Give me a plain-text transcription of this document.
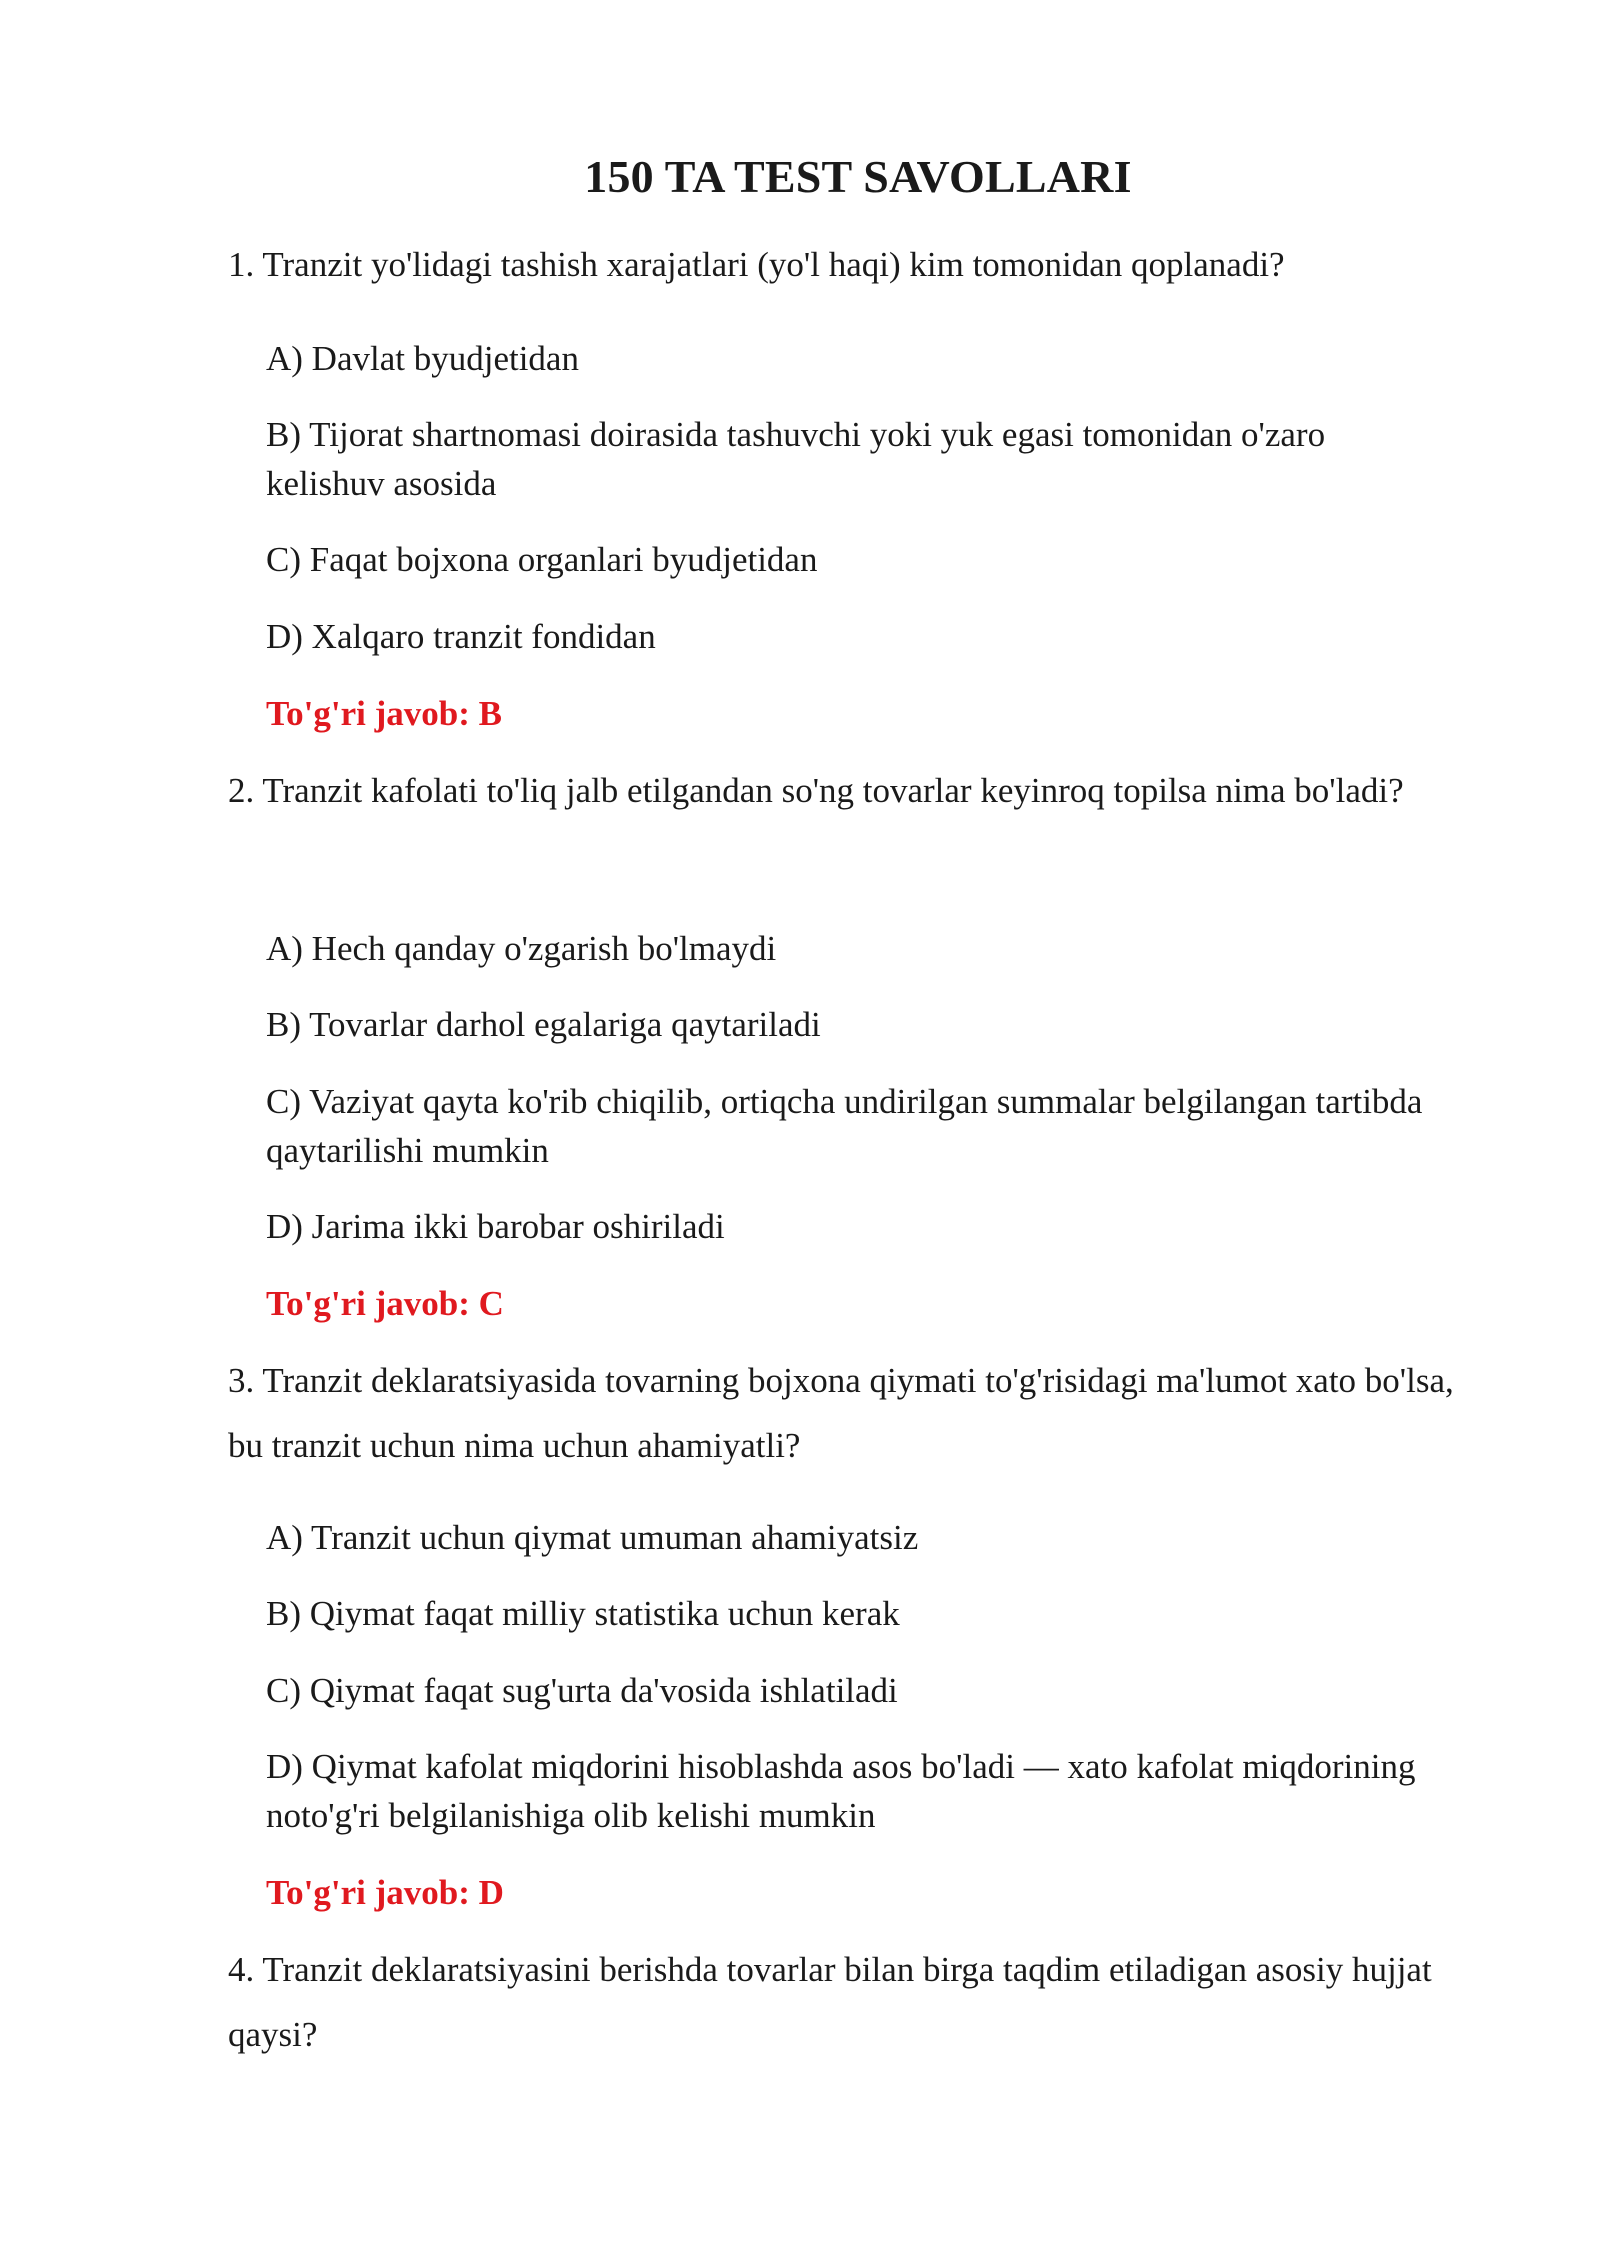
150 TA TEST SAVOLLARI
1. Tranzit yo'lidagi tashish xarajatlari (yo'l haqi) kim tomonidan qoplanadi?
A) Davlat byudjetidan
B) Tijorat shartnomasi doirasida tashuvchi yoki yuk egasi tomonidan o'zaro kelishuv asosida
C) Faqat bojxona organlari byudjetidan
D) Xalqaro tranzit fondidan
To'g'ri javob: B
2. Tranzit kafolati to'liq jalb etilgandan so'ng tovarlar keyinroq topilsa nima bo'ladi?
A) Hech qanday o'zgarish bo'lmaydi
B) Tovarlar darhol egalariga qaytariladi
C) Vaziyat qayta ko'rib chiqilib, ortiqcha undirilgan summalar belgilangan tartibda qaytarilishi mumkin
D) Jarima ikki barobar oshiriladi
To'g'ri javob: C
3. Tranzit deklaratsiyasida tovarning bojxona qiymati to'g'risidagi ma'lumot xato bo'lsa, bu tranzit uchun nima uchun ahamiyatli?
A) Tranzit uchun qiymat umuman ahamiyatsiz
B) Qiymat faqat milliy statistika uchun kerak
C) Qiymat faqat sug'urta da'vosida ishlatiladi
D) Qiymat kafolat miqdorini hisoblashda asos bo'ladi — xato kafolat miqdorining noto'g'ri belgilanishiga olib kelishi mumkin
To'g'ri javob: D
4. Tranzit deklaratsiyasini berishda tovarlar bilan birga taqdim etiladigan asosiy hujjat qaysi?
